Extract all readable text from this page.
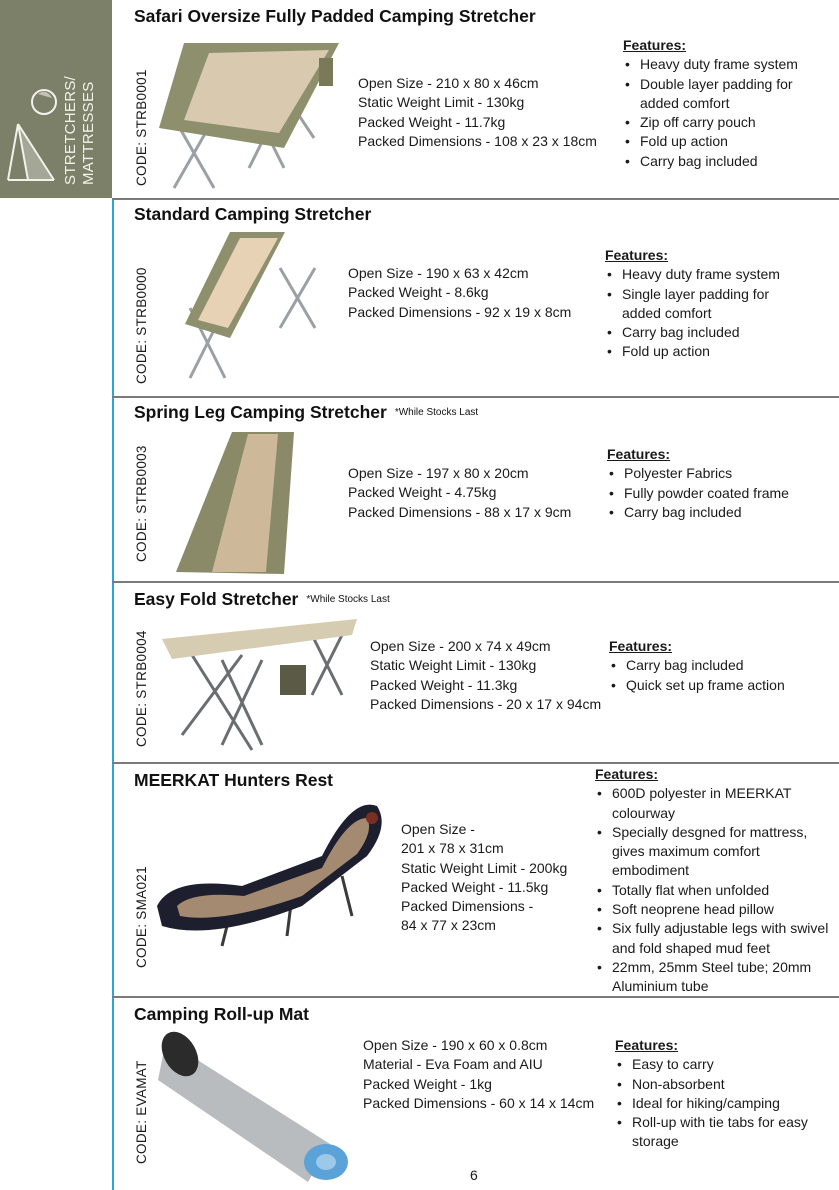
STRETCHERS/ MATTRESSES
Safari Oversize Fully Padded Camping Stretcher
CODE: STRB0001	Open Size - 210 x 80 x 46cm
Static Weight Limit - 130kg
Packed Weight - 11.7kg
Packed Dimensions - 108 x 23 x 18cm
Features:
• Heavy duty frame system
• Double layer padding for added comfort
• Zip off carry pouch
• Fold up action
• Carry bag included
Standard Camping Stretcher
CODE: STRB0000	Open Size - 190 x 63 x 42cm
Packed Weight - 8.6kg
Packed Dimensions - 92 x 19 x 8cm
Features:
• Heavy duty frame system
• Single layer padding for added comfort
• Carry bag included
• Fold up action
Spring Leg Camping Stretcher *While Stocks Last
CODE: STRB0003	Open Size - 197 x 80 x 20cm
Packed Weight - 4.75kg
Packed Dimensions - 88 x 17 x 9cm
Features:
• Polyester Fabrics
• Fully powder coated frame
• Carry bag included
Easy Fold Stretcher *While Stocks Last
CODE: STRB0004	Open Size - 200 x 74 x 49cm
Static Weight Limit - 130kg
Packed Weight - 11.3kg
Packed Dimensions - 20 x 17 x 94cm
Features:
• Carry bag included
• Quick set up frame action
MEERKAT Hunters Rest
CODE: SMA021
Open Size -
201 x 78 x 31cm
Static Weight Limit - 200kg
Packed Weight - 11.5kg
Packed Dimensions -
84 x 77 x 23cm
Features:
• 600D polyester in MEERKAT colourway
• Specially desgned for mattress, gives maximum comfort embodiment
• Totally flat when unfolded
• Soft neoprene head pillow
• Six fully adjustable legs with swivel and fold shaped mud feet
• 22mm, 25mm Steel tube; 20mm Aluminium tube
Camping Roll-up Mat
CODE: EVAMAT
Open Size - 190 x 60 x 0.8cm
Material - Eva Foam and AIU
Packed Weight - 1kg
Packed Dimensions - 60 x 14 x 14cm
Features:
• Easy to carry
• Non-absorbent
• Ideal for hiking/camping
• Roll-up with tie tabs for easy storage
6
